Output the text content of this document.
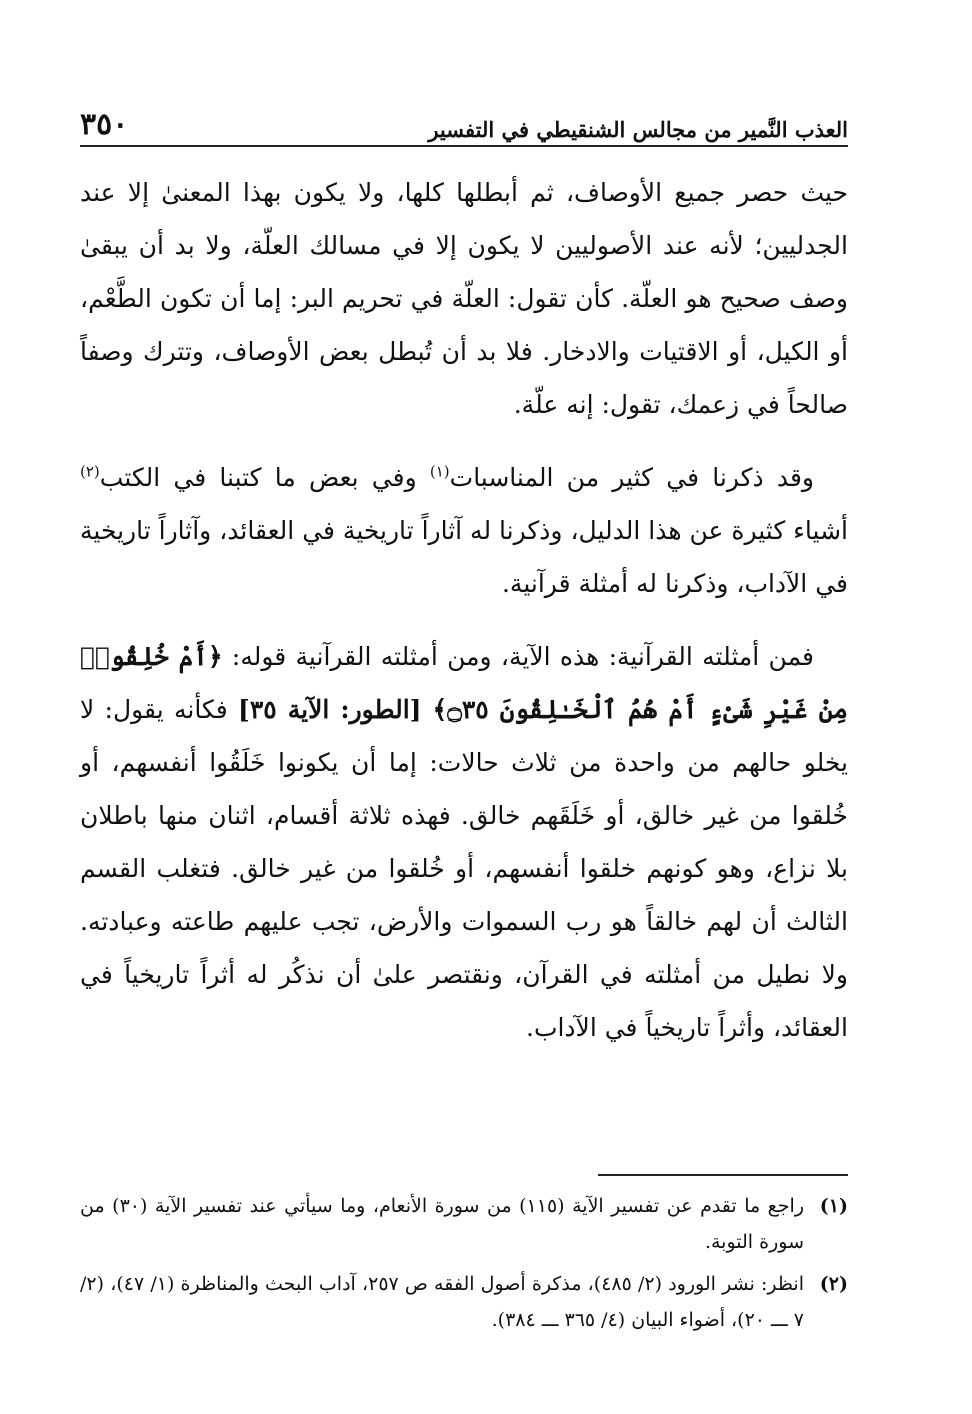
العذب النَّمير من مجالس الشنقيطي في التفسير
٣٥٠

حيث حصر جميع الأوصاف، ثم أبطلها كلها، ولا يكون بهذا المعنىٰ إلا عند الجدليين؛ لأنه عند الأصوليين لا يكون إلا في مسالك العلّة، ولا بد أن يبقىٰ وصف صحيح هو العلّة. كأن تقول: العلّة في تحريم البر: إما أن تكون الطَّعْم، أو الكيل، أو الاقتيات والادخار. فلا بد أن تُبطل بعض الأوصاف، وتترك وصفاً صالحاً في زعمك، تقول: إنه علّة.

وقد ذكرنا في كثير من المناسبات$^{(١)}$ وفي بعض ما كتبنا في الكتب$^{(٢)}$ أشياء كثيرة عن هذا الدليل، وذكرنا له آثاراً تاريخية في العقائد، وآثاراً تاريخية في الآداب، وذكرنا له أمثلة قرآنية.

فمن أمثلته القرآنية: هذه الآية، ومن أمثلته القرآنية قوله: ﴿أَمْ خُلِقُوا۟ مِنْ غَيْرِ شَىْءٍ أَمْ هُمُ ٱلْخَـٰلِقُونَ ۝٣٥﴾ [الطور: الآية ٣٥] فكأنه يقول: لا يخلو حالهم من واحدة من ثلاث حالات: إما أن يكونوا خَلَقُوا أنفسهم، أو خُلقوا من غير خالق، أو خَلَقَهم خالق. فهذه ثلاثة أقسام، اثنان منها باطلان بلا نزاع، وهو كونهم خلقوا أنفسهم، أو خُلقوا من غير خالق. فتغلب القسم الثالث أن لهم خالقاً هو رب السموات والأرض، تجب عليهم طاعته وعبادته. ولا نطيل من أمثلته في القرآن، ونقتصر علىٰ أن نذكُر له أثراً تاريخياً في العقائد، وأثراً تاريخياً في الآداب.

(١)
راجع ما تقدم عن تفسير الآية (١١٥) من سورة الأنعام، وما سيأتي عند تفسير الآية (٣٠) من سورة التوبة.
(٢)
انظر: نشر الورود (٢/ ٤٨٥)، مذكرة أصول الفقه ص ٢٥٧، آداب البحث والمناظرة (١/ ٤٧)، (٢/ ٧ ـــ ٢٠)، أضواء البيان (٤/ ٣٦٥ ـــ ٣٨٤).
